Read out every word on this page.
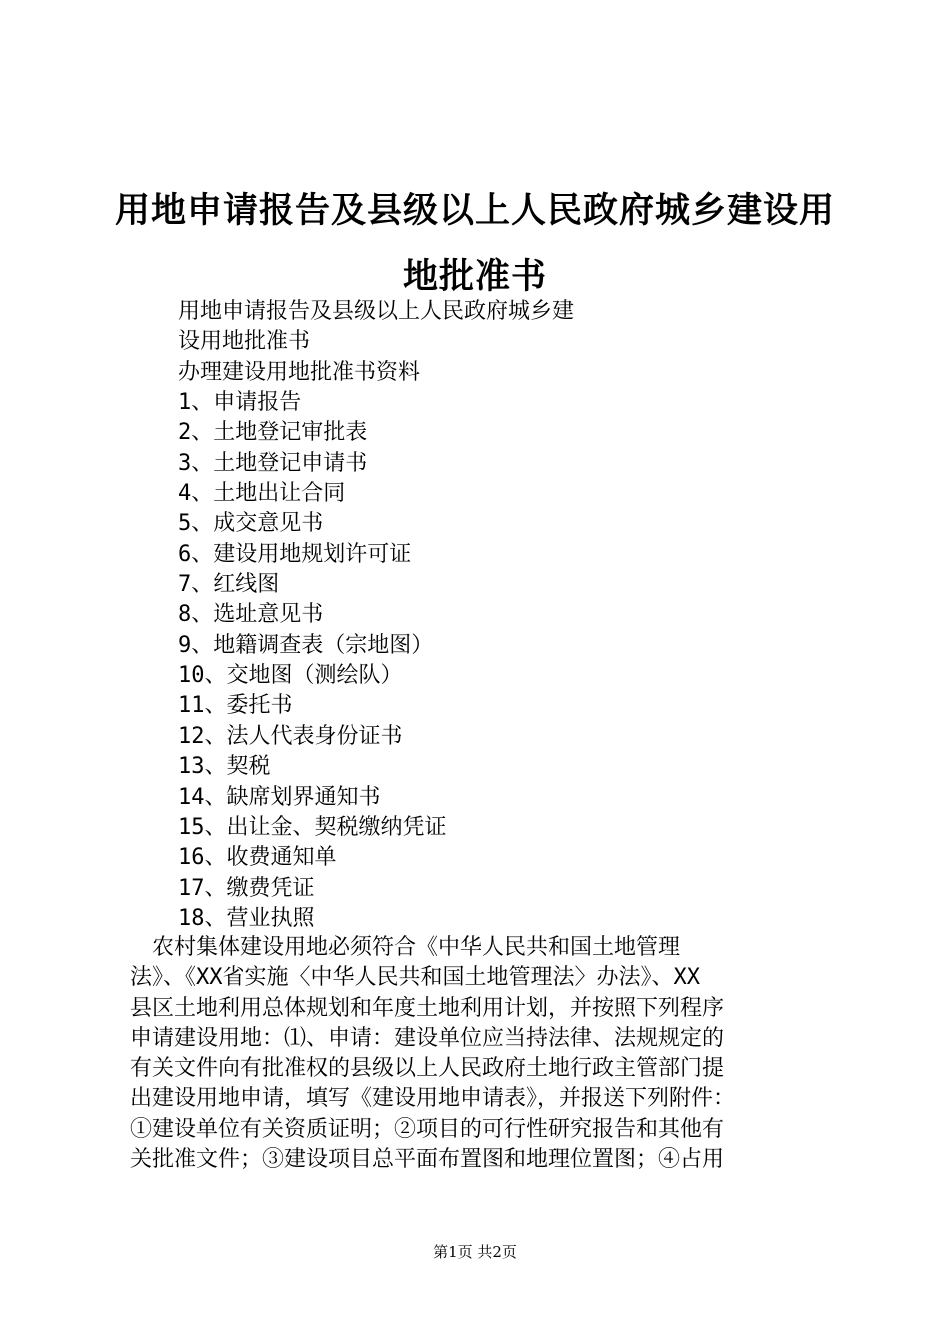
用地申请报告及县级以上人民政府城乡建设用
地批准书
用地申请报告及县级以上人民政府城乡建
设用地批准书
办理建设用地批准书资料
1、申请报告
2、土地登记审批表
3、土地登记申请书
4、土地出让合同
5、成交意见书
6、建设用地规划许可证
7、红线图
8、选址意见书
9、地籍调查表（宗地图）
10、交地图（测绘队）
11、委托书
12、法人代表身份证书
13、契税
14、缺席划界通知书
15、出让金、契税缴纳凭证
16、收费通知单
17、缴费凭证
18、营业执照

　农村集体建设用地必须符合《中华人民共和国土地管理
法》、《XX省实施〈中华人民共和国土地管理法〉办法》、XX
县区土地利用总体规划和年度土地利用计划，并按照下列程序
申请建设用地：⑴、申请：建设单位应当持法律、法规规定的
有关文件向有批准权的县级以上人民政府土地行政主管部门提
出建设用地申请，填写《建设用地申请表》，并报送下列附件：
①建设单位有关资质证明；②项目的可行性研究报告和其他有
关批准文件；③建设项目总平面布置图和地理位置图；④占用

第1页 共2页
